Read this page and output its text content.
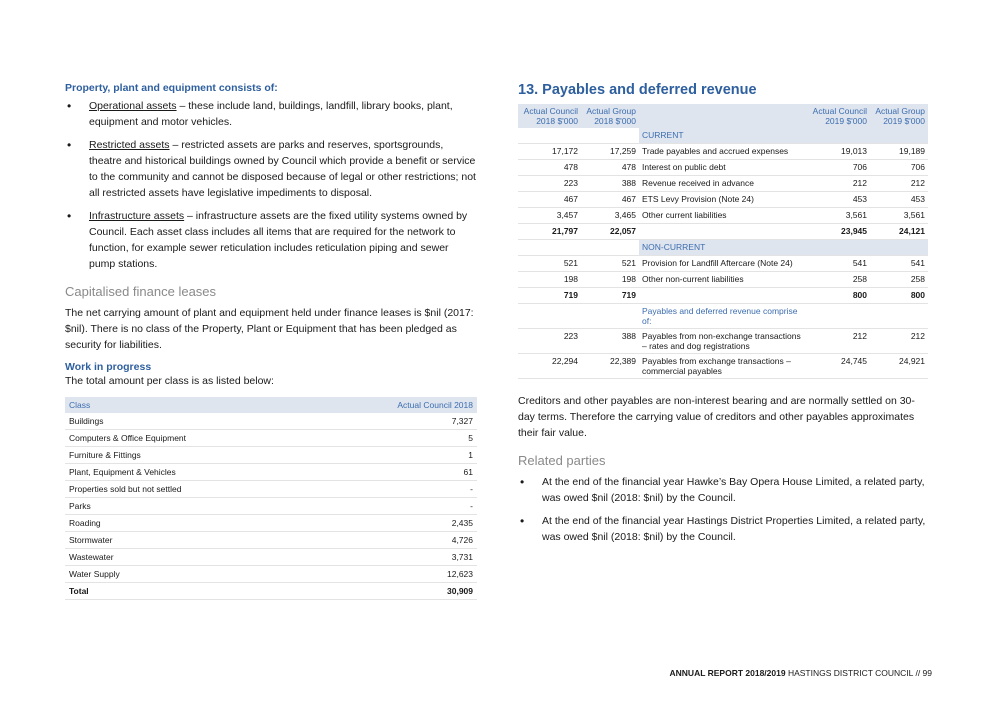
Property, plant and equipment consists of:
• Operational assets – these include land, buildings, landfill, library books, plant, equipment and motor vehicles.
• Restricted assets – restricted assets are parks and reserves, sportsgrounds, theatre and historical buildings owned by Council which provide a benefit or service to the community and cannot be disposed because of legal or other restrictions; not all restricted assets have legislative impediments to disposal.
• Infrastructure assets – infrastructure assets are the fixed utility systems owned by Council. Each asset class includes all items that are required for the network to function, for example sewer reticulation includes reticulation piping and sewer pump stations.
Capitalised finance leases

The net carrying amount of plant and equipment held under finance leases is $nil (2017: $nil). There is no class of the Property, Plant or Equipment that has been pledged as security for liabilities.

Work in progress

The total amount per class is as listed below:

Class	Actual Council 2018
Buildings	7,327
Computers & Office Equipment	5
Furniture & Fittings	1
Plant, Equipment & Vehicles	61
Properties sold but not settled	-
Parks	-
Roading	2,435
Stormwater	4,726
Wastewater	3,731
Water Supply	12,623
Total	30,909
13. Payables and deferred revenue
Actual Council 2018 $'000	Actual Group 2018 $'000		Actual Council 2019 $'000	Actual Group 2019 $'000
		CURRENT		
17,172	17,259	Trade payables and accrued expenses	19,013	19,189
478	478	Interest on public debt	706	706
223	388	Revenue received in advance	212	212
467	467	ETS Levy Provision (Note 24)	453	453
3,457	3,465	Other current liabilities	3,561	3,561
21,797	22,057		23,945	24,121
		NON-CURRENT		
521	521	Provision for Landfill Aftercare (Note 24)	541	541
198	198	Other non-current liabilities	258	258
719	719		800	800
		Payables and deferred revenue comprise of:		
223	388	Payables from non-exchange transactions – rates and dog registrations	212	212
22,294	22,389	Payables from exchange transactions – commercial payables	24,745	24,921

Creditors and other payables are non-interest bearing and are normally settled on 30-day terms. Therefore the carrying value of creditors and other payables approximates their fair value.

Related parties
• At the end of the financial year Hawke’s Bay Opera House Limited, a related party, was owed $nil (2018: $nil) by the Council.
• At the end of the financial year Hastings District Properties Limited, a related party, was owed $nil (2018: $nil) by the Council.
ANNUAL REPORT 2018/2019 HASTINGS DISTRICT COUNCIL // 99
